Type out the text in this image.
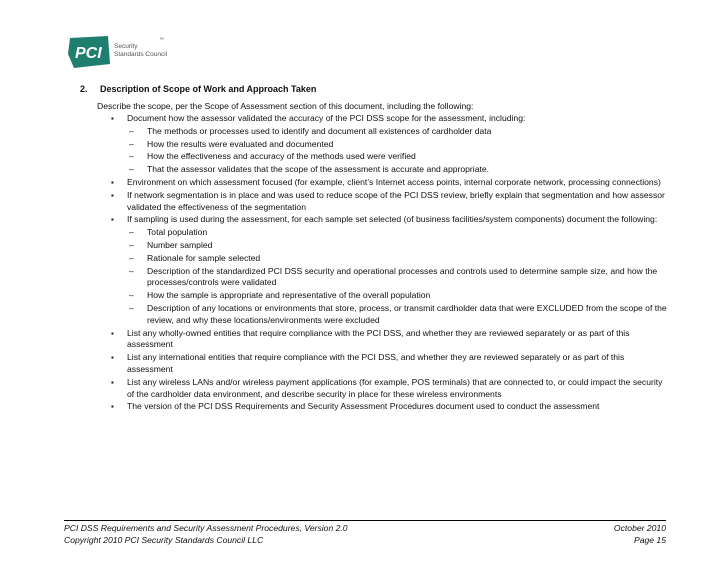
PCI Security
Standards Council
™
2. Description of Scope of Work and Approach Taken
Describe the scope, per the Scope of Assessment section of this document, including the following:
▪ Document how the assessor validated the accuracy of the PCI DSS scope for the assessment, including:
– The methods or processes used to identify and document all existences of cardholder data
– How the results were evaluated and documented
– How the effectiveness and accuracy of the methods used were verified
– That the assessor validates that the scope of the assessment is accurate and appropriate.
▪ Environment on which assessment focused (for example, client’s Internet access points, internal corporate network, processing connections)
▪ If network segmentation is in place and was used to reduce scope of the PCI DSS review, briefly explain that segmentation and how assessor validated the effectiveness of the segmentation
▪ If sampling is used during the assessment, for each sample set selected (of business facilities/system components) document the following:
– Total population
– Number sampled
– Rationale for sample selected
– Description of the standardized PCI DSS security and operational processes and controls used to determine sample size, and how the processes/controls were validated
– How the sample is appropriate and representative of the overall population
– Description of any locations or environments that store, process, or transmit cardholder data that were EXCLUDED from the scope of the review, and why these locations/environments were excluded
▪ List any wholly-owned entities that require compliance with the PCI DSS, and whether they are reviewed separately or as part of this assessment
▪ List any international entities that require compliance with the PCI DSS, and whether they are reviewed separately or as part of this assessment
▪ List any wireless LANs and/or wireless payment applications (for example, POS terminals) that are connected to, or could impact the security of the cardholder data environment, and describe security in place for these wireless environments
▪ The version of the PCI DSS Requirements and Security Assessment Procedures document used to conduct the assessment
PCI DSS Requirements and Security Assessment Procedures, Version 2.0	October 2010
Copyright 2010 PCI Security Standards Council LLC	Page 15
